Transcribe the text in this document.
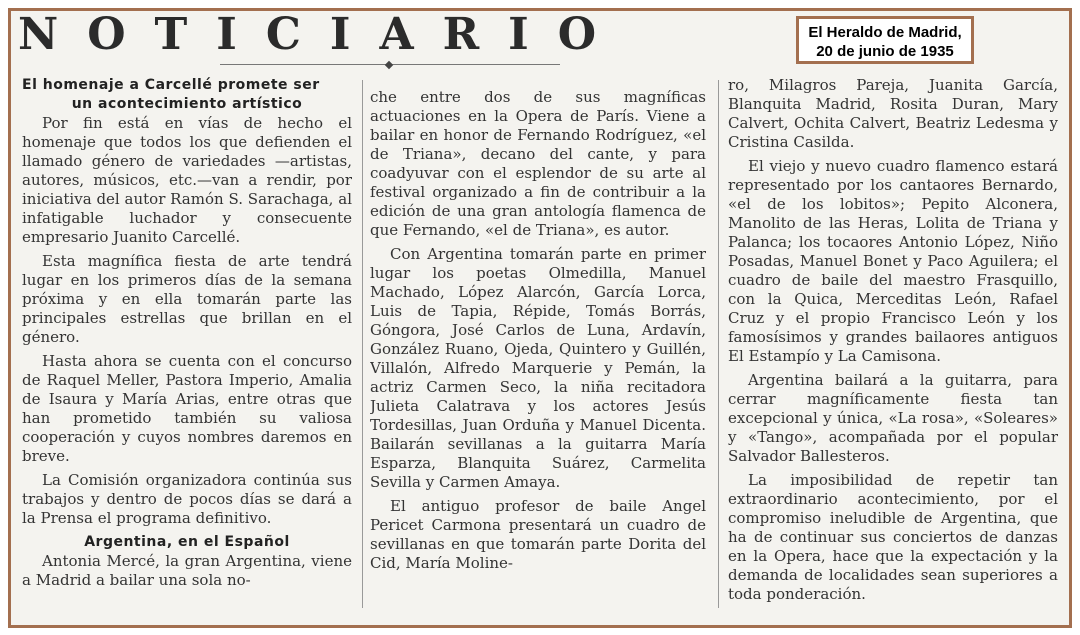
NOTICIARIO	El Heraldo de Madrid,
20 de junio de 1935
El homenaje a Carcellé promete ser
un acontecimiento artístico

Por fin está en vías de hecho el homenaje que todos los que defienden el llamado género de variedades —artistas, autores, músicos, etc.—van a rendir, por iniciativa del autor Ramón S. Sarachaga, al infatigable luchador y consecuente empresario Juanito Carcellé.

Esta magnífica fiesta de arte tendrá lugar en los primeros días de la semana próxima y en ella tomarán parte las principales estrellas que brillan en el género.

Hasta ahora se cuenta con el concurso de Raquel Meller, Pastora Imperio, Amalia de Isaura y María Arias, entre otras que han prometido también su valiosa cooperación y cuyos nombres daremos en breve.

La Comisión organizadora continúa sus trabajos y dentro de pocos días se dará a la Prensa el programa definitivo.

Argentina, en el Español

Antonia Mercé, la gran Argentina, viene a Madrid a bailar una sola no-

che entre dos de sus magníficas actuaciones en la Opera de París. Viene a bailar en honor de Fernando Rodríguez, «el de Triana», decano del cante, y para coadyuvar con el esplendor de su arte al festival organizado a fin de contribuir a la edición de una gran antología flamenca de que Fernando, «el de Triana», es autor.

Con Argentina tomarán parte en primer lugar los poetas Olmedilla, Manuel Machado, López Alarcón, García Lorca, Luis de Tapia, Répide, Tomás Borrás, Góngora, José Carlos de Luna, Ardavín, González Ruano, Ojeda, Quintero y Guillén, Villalón, Alfredo Marquerie y Pemán, la actriz Carmen Seco, la niña recitadora Julieta Calatrava y los actores Jesús Tordesillas, Juan Orduña y Manuel Dicenta. Bailarán sevillanas a la guitarra María Esparza, Blanquita Suárez, Carmelita Sevilla y Carmen Amaya.

El antiguo profesor de baile Angel Pericet Carmona presentará un cuadro de sevillanas en que tomarán parte Dorita del Cid, María Moline-

ro, Milagros Pareja, Juanita García, Blanquita Madrid, Rosita Duran, Mary Calvert, Ochita Calvert, Beatriz Ledesma y Cristina Casilda.

El viejo y nuevo cuadro flamenco estará representado por los cantaores Bernardo, «el de los lobitos»; Pepito Alconera, Manolito de las Heras, Lolita de Triana y Palanca; los tocaores Antonio López, Niño Posadas, Manuel Bonet y Paco Aguilera; el cuadro de baile del maestro Frasquillo, con la Quica, Merceditas León, Rafael Cruz y el propio Francisco León y los famosísimos y grandes bailaores antiguos El Estampío y La Camisona.

Argentina bailará a la guitarra, para cerrar magníficamente fiesta tan excepcional y única, «La rosa», «Soleares» y «Tango», acompañada por el popular Salvador Ballesteros.

La imposibilidad de repetir tan extraordinario acontecimiento, por el compromiso ineludible de Argentina, que ha de continuar sus conciertos de danzas en la Opera, hace que la expectación y la demanda de localidades sean superiores a toda ponderación.
